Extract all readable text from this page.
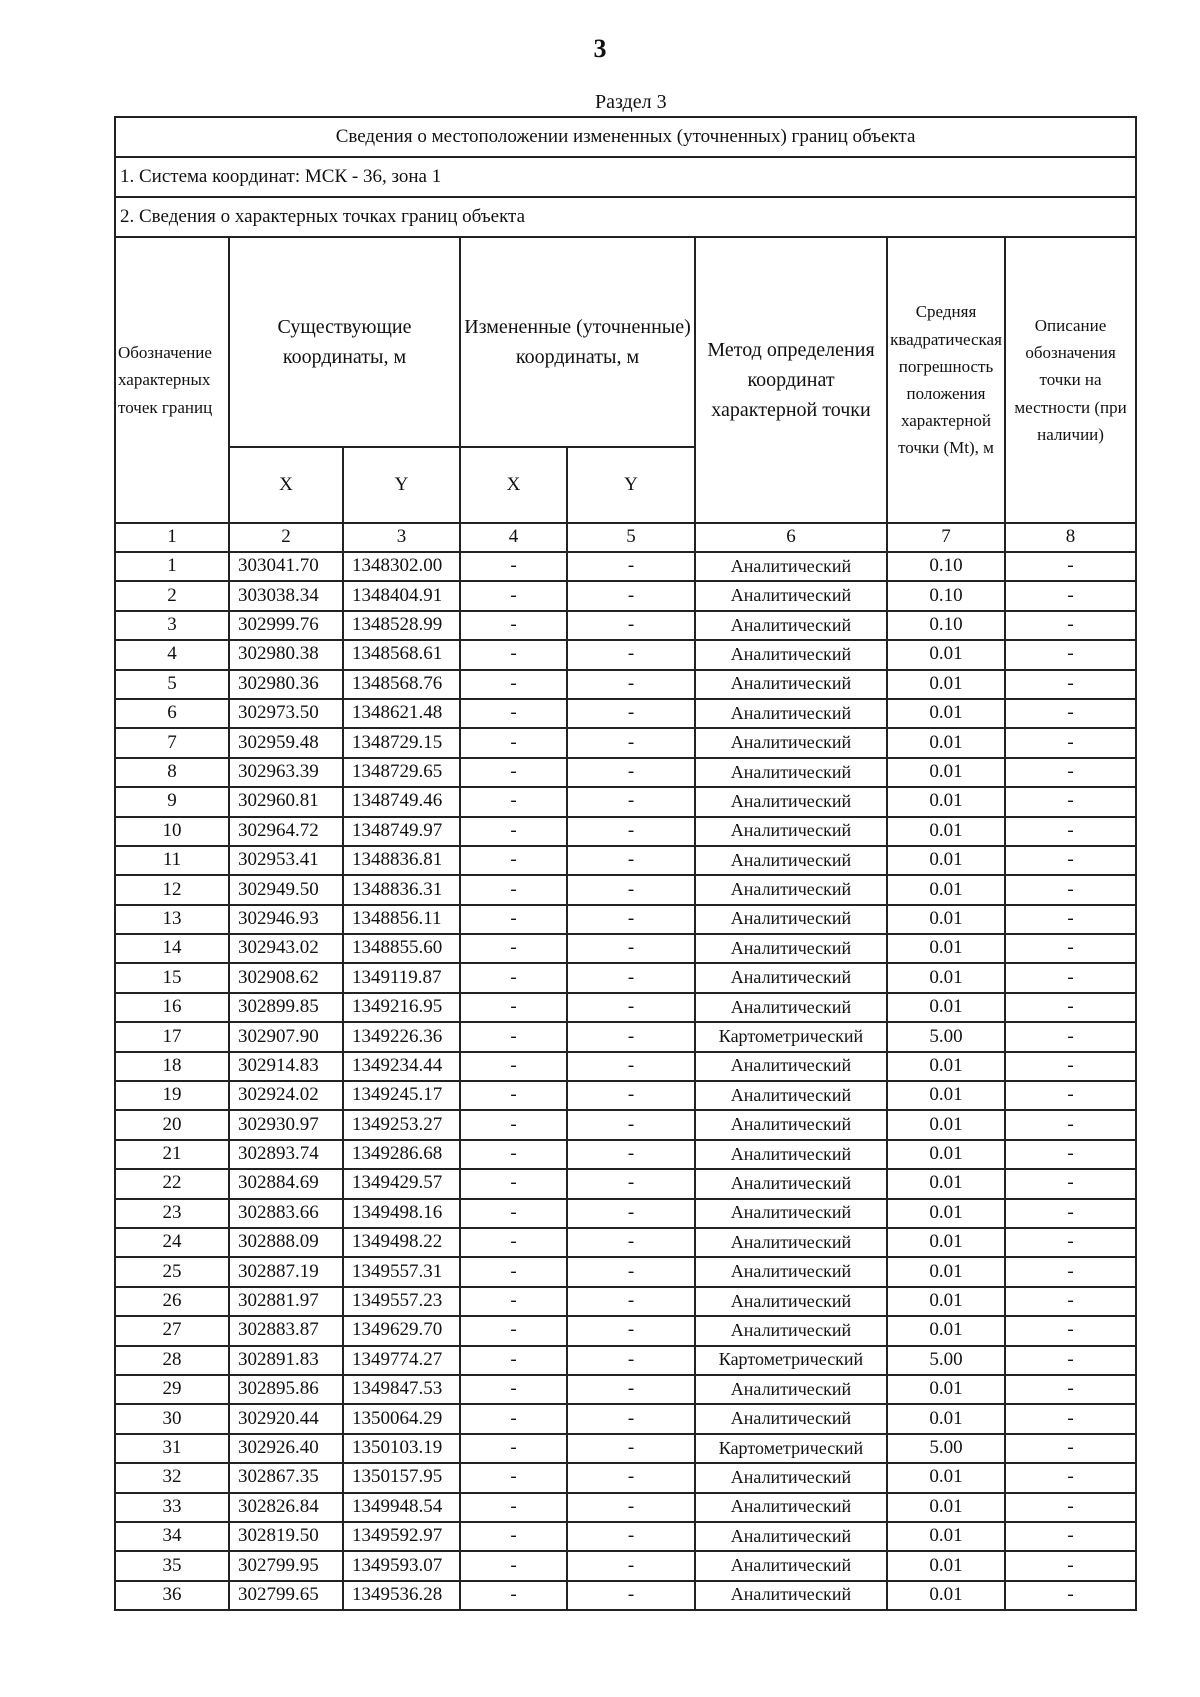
3
Раздел 3
Сведения о местоположении измененных (уточненных) границ объекта							
1. Система координат: МСК - 36, зона 1							
2. Сведения о характерных точках границ объекта							
Обозначение характерных точек границ	Существующие координаты, м		Измененные (уточненные) координаты, м		Метод определения координат характерной точки	Средняя квадратическая погрешность положения характерной точки (Mt), м	Описание обозначения точки на местности (при наличии)
	X	Y	X	Y			
1	2	3	4	5	6	7	8
1	303041.70	1348302.00	-	-	Аналитический	0.10	-
2	303038.34	1348404.91	-	-	Аналитический	0.10	-
3	302999.76	1348528.99	-	-	Аналитический	0.10	-
4	302980.38	1348568.61	-	-	Аналитический	0.01	-
5	302980.36	1348568.76	-	-	Аналитический	0.01	-
6	302973.50	1348621.48	-	-	Аналитический	0.01	-
7	302959.48	1348729.15	-	-	Аналитический	0.01	-
8	302963.39	1348729.65	-	-	Аналитический	0.01	-
9	302960.81	1348749.46	-	-	Аналитический	0.01	-
10	302964.72	1348749.97	-	-	Аналитический	0.01	-
11	302953.41	1348836.81	-	-	Аналитический	0.01	-
12	302949.50	1348836.31	-	-	Аналитический	0.01	-
13	302946.93	1348856.11	-	-	Аналитический	0.01	-
14	302943.02	1348855.60	-	-	Аналитический	0.01	-
15	302908.62	1349119.87	-	-	Аналитический	0.01	-
16	302899.85	1349216.95	-	-	Аналитический	0.01	-
17	302907.90	1349226.36	-	-	Картометрический	5.00	-
18	302914.83	1349234.44	-	-	Аналитический	0.01	-
19	302924.02	1349245.17	-	-	Аналитический	0.01	-
20	302930.97	1349253.27	-	-	Аналитический	0.01	-
21	302893.74	1349286.68	-	-	Аналитический	0.01	-
22	302884.69	1349429.57	-	-	Аналитический	0.01	-
23	302883.66	1349498.16	-	-	Аналитический	0.01	-
24	302888.09	1349498.22	-	-	Аналитический	0.01	-
25	302887.19	1349557.31	-	-	Аналитический	0.01	-
26	302881.97	1349557.23	-	-	Аналитический	0.01	-
27	302883.87	1349629.70	-	-	Аналитический	0.01	-
28	302891.83	1349774.27	-	-	Картометрический	5.00	-
29	302895.86	1349847.53	-	-	Аналитический	0.01	-
30	302920.44	1350064.29	-	-	Аналитический	0.01	-
31	302926.40	1350103.19	-	-	Картометрический	5.00	-
32	302867.35	1350157.95	-	-	Аналитический	0.01	-
33	302826.84	1349948.54	-	-	Аналитический	0.01	-
34	302819.50	1349592.97	-	-	Аналитический	0.01	-
35	302799.95	1349593.07	-	-	Аналитический	0.01	-
36	302799.65	1349536.28	-	-	Аналитический	0.01	-
